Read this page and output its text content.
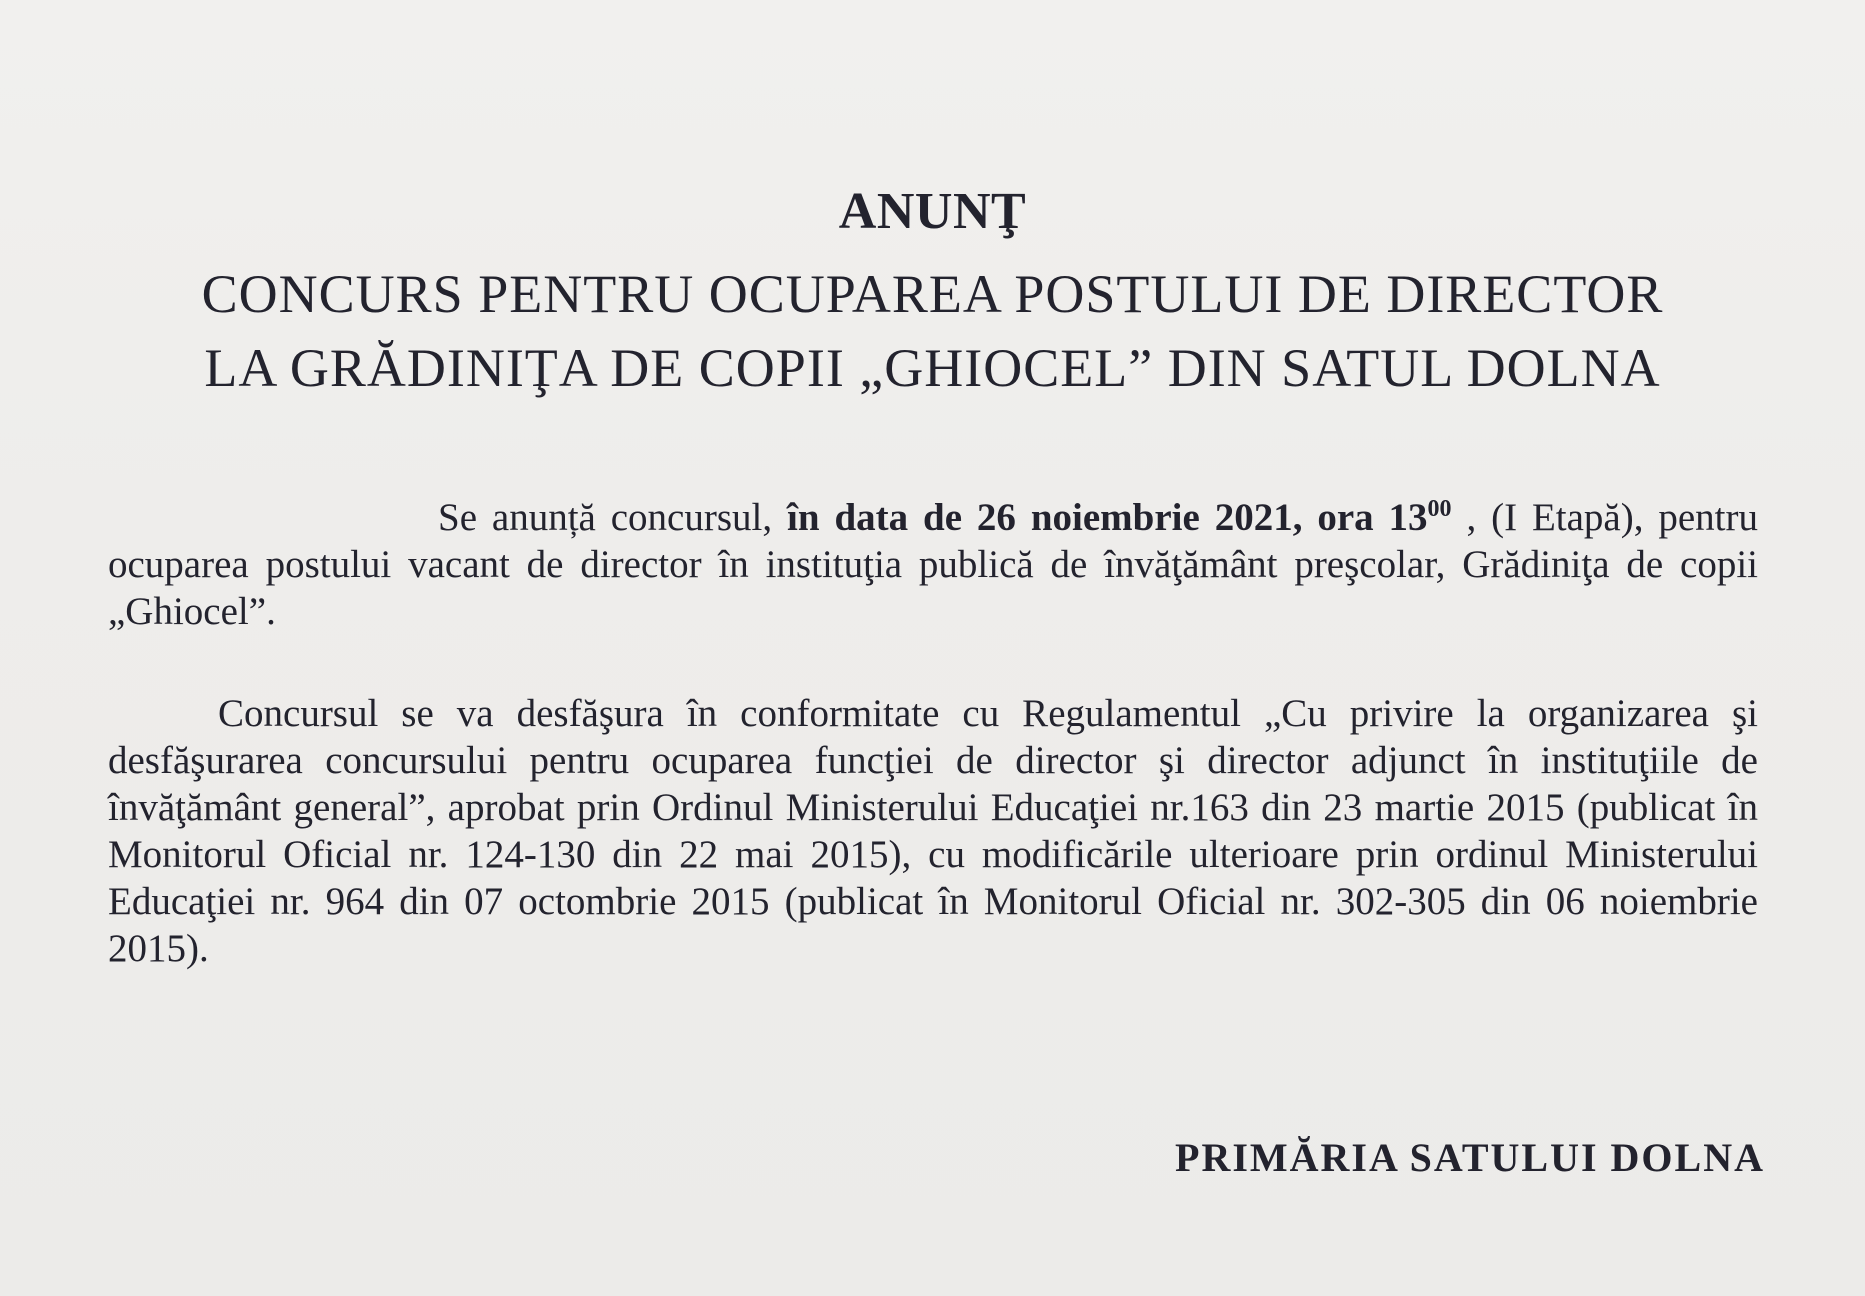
ANUNŢ
CONCURS PENTRU OCUPAREA POSTULUI DE DIRECTOR
LA GRĂDINIŢA DE COPII „GHIOCEL” DIN SATUL DOLNA

Se anunță concursul, în data de 26 noiembrie 2021, ora $13^{00}$ , (I Etapă), pentru ocuparea postului vacant de director în instituţia publică de învăţământ preşcolar, Grădiniţa de copii „Ghiocel”.

Concursul se va desfăşura în conformitate cu Regulamentul „Cu privire la organizarea şi desfăşurarea concursului pentru ocuparea funcţiei de director şi director adjunct în instituţiile de învăţământ general”, aprobat prin Ordinul Ministerului Educaţiei nr.163 din 23 martie 2015 (publicat în Monitorul Oficial nr. 124-130 din 22 mai 2015), cu modificările ulterioare prin ordinul Ministerului Educaţiei nr. 964 din 07 octombrie 2015 (publicat în Monitorul Oficial nr. 302-305 din 06 noiembrie 2015).

PRIMĂRIA SATULUI DOLNA
